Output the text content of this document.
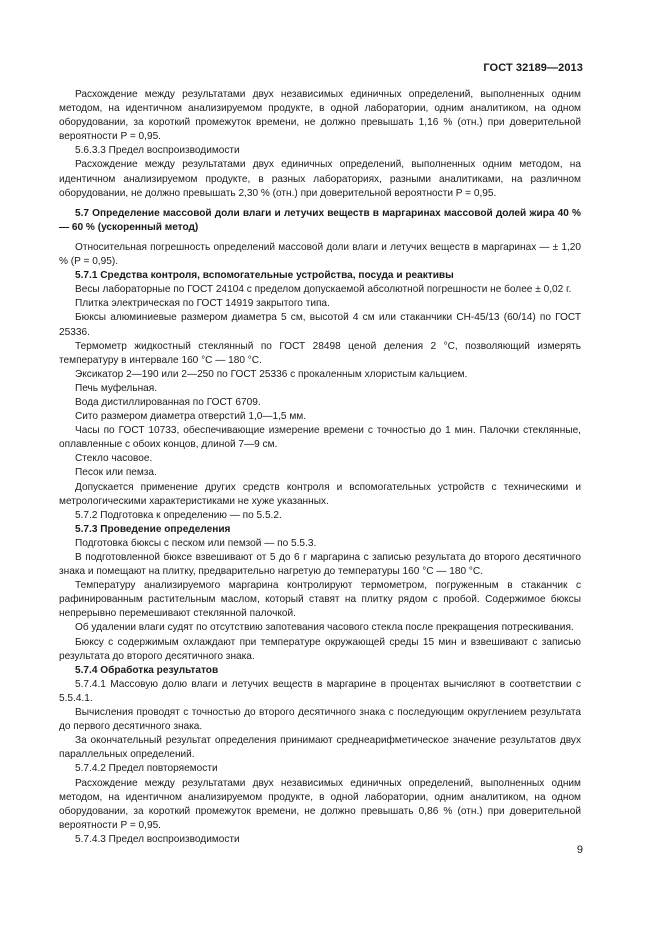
ГОСТ 32189—2013

Расхождение между результатами двух независимых единичных определений, выполненных одним методом, на идентичном анализируемом продукте, в одной лаборатории, одним аналитиком, на одном оборудовании, за короткий промежуток времени, не должно превышать 1,16 % (отн.) при доверительной вероятности P = 0,95.

5.6.3.3 Предел воспроизводимости

Расхождение между результатами двух единичных определений, выполненных одним методом, на идентичном анализируемом продукте, в разных лабораториях, разными аналитиками, на различном оборудовании, не должно превышать 2,30 % (отн.) при доверительной вероятности P = 0,95.

5.7 Определение массовой доли влаги и летучих веществ в маргаринах массовой долей жира 40 % — 60 % (ускоренный метод)

Относительная погрешность определений массовой доли влаги и летучих веществ в маргаринах — ± 1,20 % (P = 0,95).

5.7.1 Средства контроля, вспомогательные устройства, посуда и реактивы

Весы лабораторные по ГОСТ 24104 с пределом допускаемой абсолютной погрешности не более ± 0,02 г.

Плитка электрическая по ГОСТ 14919 закрытого типа.

Бюксы алюминиевые размером диаметра 5 см, высотой 4 см или стаканчики СН-45/13 (60/14) по ГОСТ 25336.

Термометр жидкостный стеклянный по ГОСТ 28498 ценой деления 2 °С, позволяющий измерять температуру в интервале 160 °С — 180 °С.

Эксикатор 2—190 или 2—250 по ГОСТ 25336 с прокаленным хлористым кальцием.

Печь муфельная.

Вода дистиллированная по ГОСТ 6709.

Сито размером диаметра отверстий 1,0—1,5 мм.

Часы по ГОСТ 10733, обеспечивающие измерение времени с точностью до 1 мин. Палочки стеклянные, оплавленные с обоих концов, длиной 7—9 см.

Стекло часовое.

Песок или пемза.

Допускается применение других средств контроля и вспомогательных устройств с техническими и метрологическими характеристиками не хуже указанных.

5.7.2 Подготовка к определению — по 5.5.2.

5.7.3 Проведение определения

Подготовка бюксы с песком или пемзой — по 5.5.3.

В подготовленной бюксе взвешивают от 5 до 6 г маргарина с записью результата до второго десятичного знака и помещают на плитку, предварительно нагретую до температуры 160 °С — 180 °С.

Температуру анализируемого маргарина контролируют термометром, погруженным в стаканчик с рафинированным растительным маслом, который ставят на плитку рядом с пробой. Содержимое бюксы непрерывно перемешивают стеклянной палочкой.

Об удалении влаги судят по отсутствию запотевания часового стекла после прекращения потрескивания.

Бюксу с содержимым охлаждают при температуре окружающей среды 15 мин и взвешивают с записью результата до второго десятичного знака.

5.7.4 Обработка результатов

5.7.4.1 Массовую долю влаги и летучих веществ в маргарине в процентах вычисляют в соответствии с 5.5.4.1.

Вычисления проводят с точностью до второго десятичного знака с последующим округлением результата до первого десятичного знака.

За окончательный результат определения принимают среднеарифметическое значение результатов двух параллельных определений.

5.7.4.2 Предел повторяемости

Расхождение между результатами двух независимых единичных определений, выполненных одним методом, на идентичном анализируемом продукте, в одной лаборатории, одним аналитиком, на одном оборудовании, за короткий промежуток времени, не должно превышать 0,86 % (отн.) при доверительной вероятности P = 0,95.

5.7.4.3 Предел воспроизводимости

9
